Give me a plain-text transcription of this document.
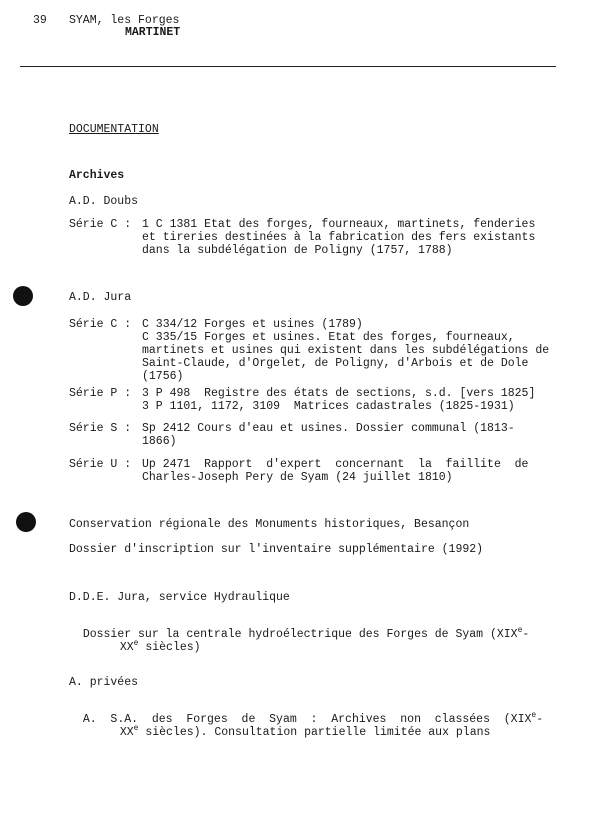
39 SYAM, les Forges
MARTINET
DOCUMENTATION
Archives
A.D. Doubs
Série C : 1 C 1381 Etat des forges, fourneaux, martinets, fenderies
et tireries destinées à la fabrication des fers existants
dans la subdélégation de Poligny (1757, 1788)
A.D. Jura
Série C : C 334/12 Forges et usines (1789)
C 335/15 Forges et usines. Etat des forges, fourneaux,
martinets et usines qui existent dans les subdélégations de
Saint-Claude, d'Orgelet, de Poligny, d'Arbois et de Dole
(1756)
Série P : 3 P 498  Registre des états de sections, s.d. [vers 1825]
3 P 1101, 1172, 3109  Matrices cadastrales (1825-1931)
Série S : Sp 2412 Cours d'eau et usines. Dossier communal (1813-
1866)
Série U : Up 2471  Rapport  d'expert  concernant  la  faillite  de
Charles-Joseph Pery de Syam (24 juillet 1810)
Conservation régionale des Monuments historiques, Besançon
Dossier d'inscription sur l'inventaire supplémentaire (1992)
D.D.E. Jura, service Hydraulique

Dossier sur la centrale hydroélectrique des Forges de Syam (XIXe-

XXe siècles)

A. privées

A.  S.A.  des  Forges  de  Syam  :  Archives  non  classées  (XIXe-

XXe siècles). Consultation partielle limitée aux plans
